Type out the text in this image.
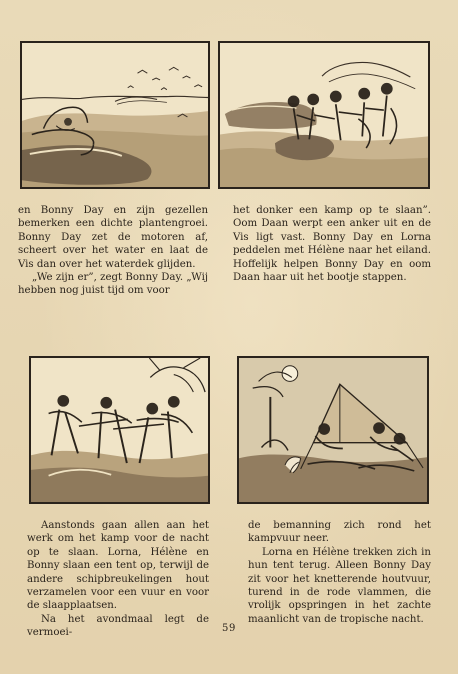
en Bonny Day en zijn gezellen bemerken een dichte plantengroei. Bonny Day zet de motoren af, scheert over het water en laat de Vis dan over het waterdek glijden.

„We zijn er”, zegt Bonny Day. „Wij hebben nog juist tijd om voor

het donker een kamp op te slaan”. Oom Daan werpt een anker uit en de Vis ligt vast. Bonny Day en Lorna peddelen met Hélène naar het eiland. Hoffelijk helpen Bonny Day en oom Daan haar uit het bootje stappen.

Aanstonds gaan allen aan het werk om het kamp voor de nacht op te slaan. Lorna, Hélène en Bonny slaan een tent op, terwijl de andere schipbreukelingen hout verzamelen voor een vuur en voor de slaapplaatsen.

Na het avondmaal legt de vermoei-

de bemanning zich rond het kampvuur neer.

Lorna en Hélène trekken zich in hun tent terug. Alleen Bonny Day zit voor het knetterende houtvuur, turend in de rode vlammen, die vrolijk opspringen in het zachte maanlicht van de tropische nacht.

59
